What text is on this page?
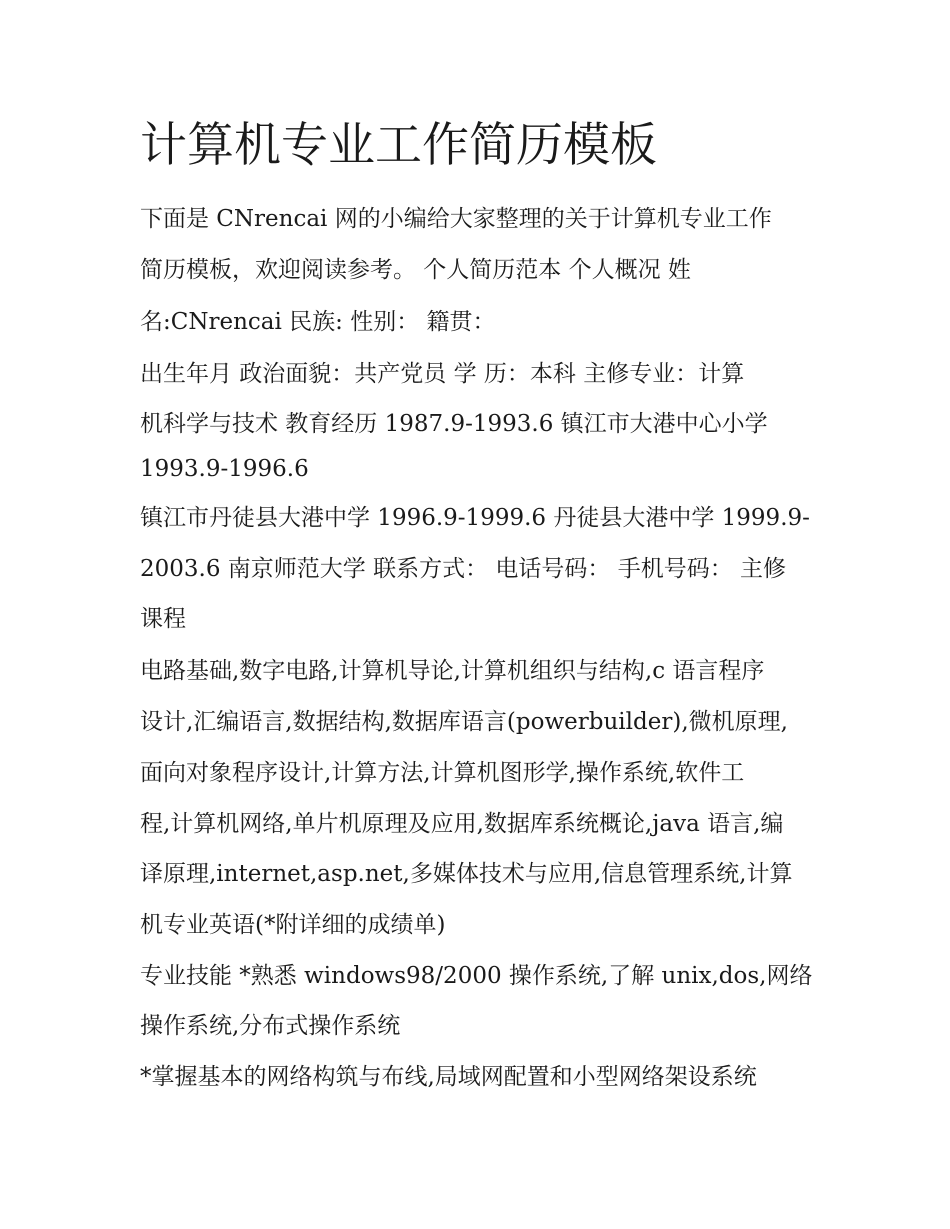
计算机专业工作简历模板

下面是 CNrencai 网的小编给大家整理的关于计算机专业工作

简历模板，欢迎阅读参考。 个人简历范本 个人概况 姓

名:CNrencai 民族: 性别： 籍贯：

出生年月 政治面貌：共产党员 学 历：本科 主修专业：计算

机科学与技术 教育经历 1987.9-1993.6 镇江市大港中心小学

1993.9-1996.6

镇江市丹徒县大港中学 1996.9-1999.6 丹徒县大港中学 1999.9-

2003.6 南京师范大学 联系方式： 电话号码： 手机号码： 主修

课程

电路基础,数字电路,计算机导论,计算机组织与结构,c 语言程序

设计,汇编语言,数据结构,数据库语言(powerbuilder),微机原理,

面向对象程序设计,计算方法,计算机图形学,操作系统,软件工

程,计算机网络,单片机原理及应用,数据库系统概论,java 语言,编

译原理,internet,asp.net,多媒体技术与应用,信息管理系统,计算

机专业英语(*附详细的成绩单)

专业技能 *熟悉 windows98/2000 操作系统,了解 unix,dos,网络

操作系统,分布式操作系统

*掌握基本的网络构筑与布线,局域网配置和小型网络架设系统
